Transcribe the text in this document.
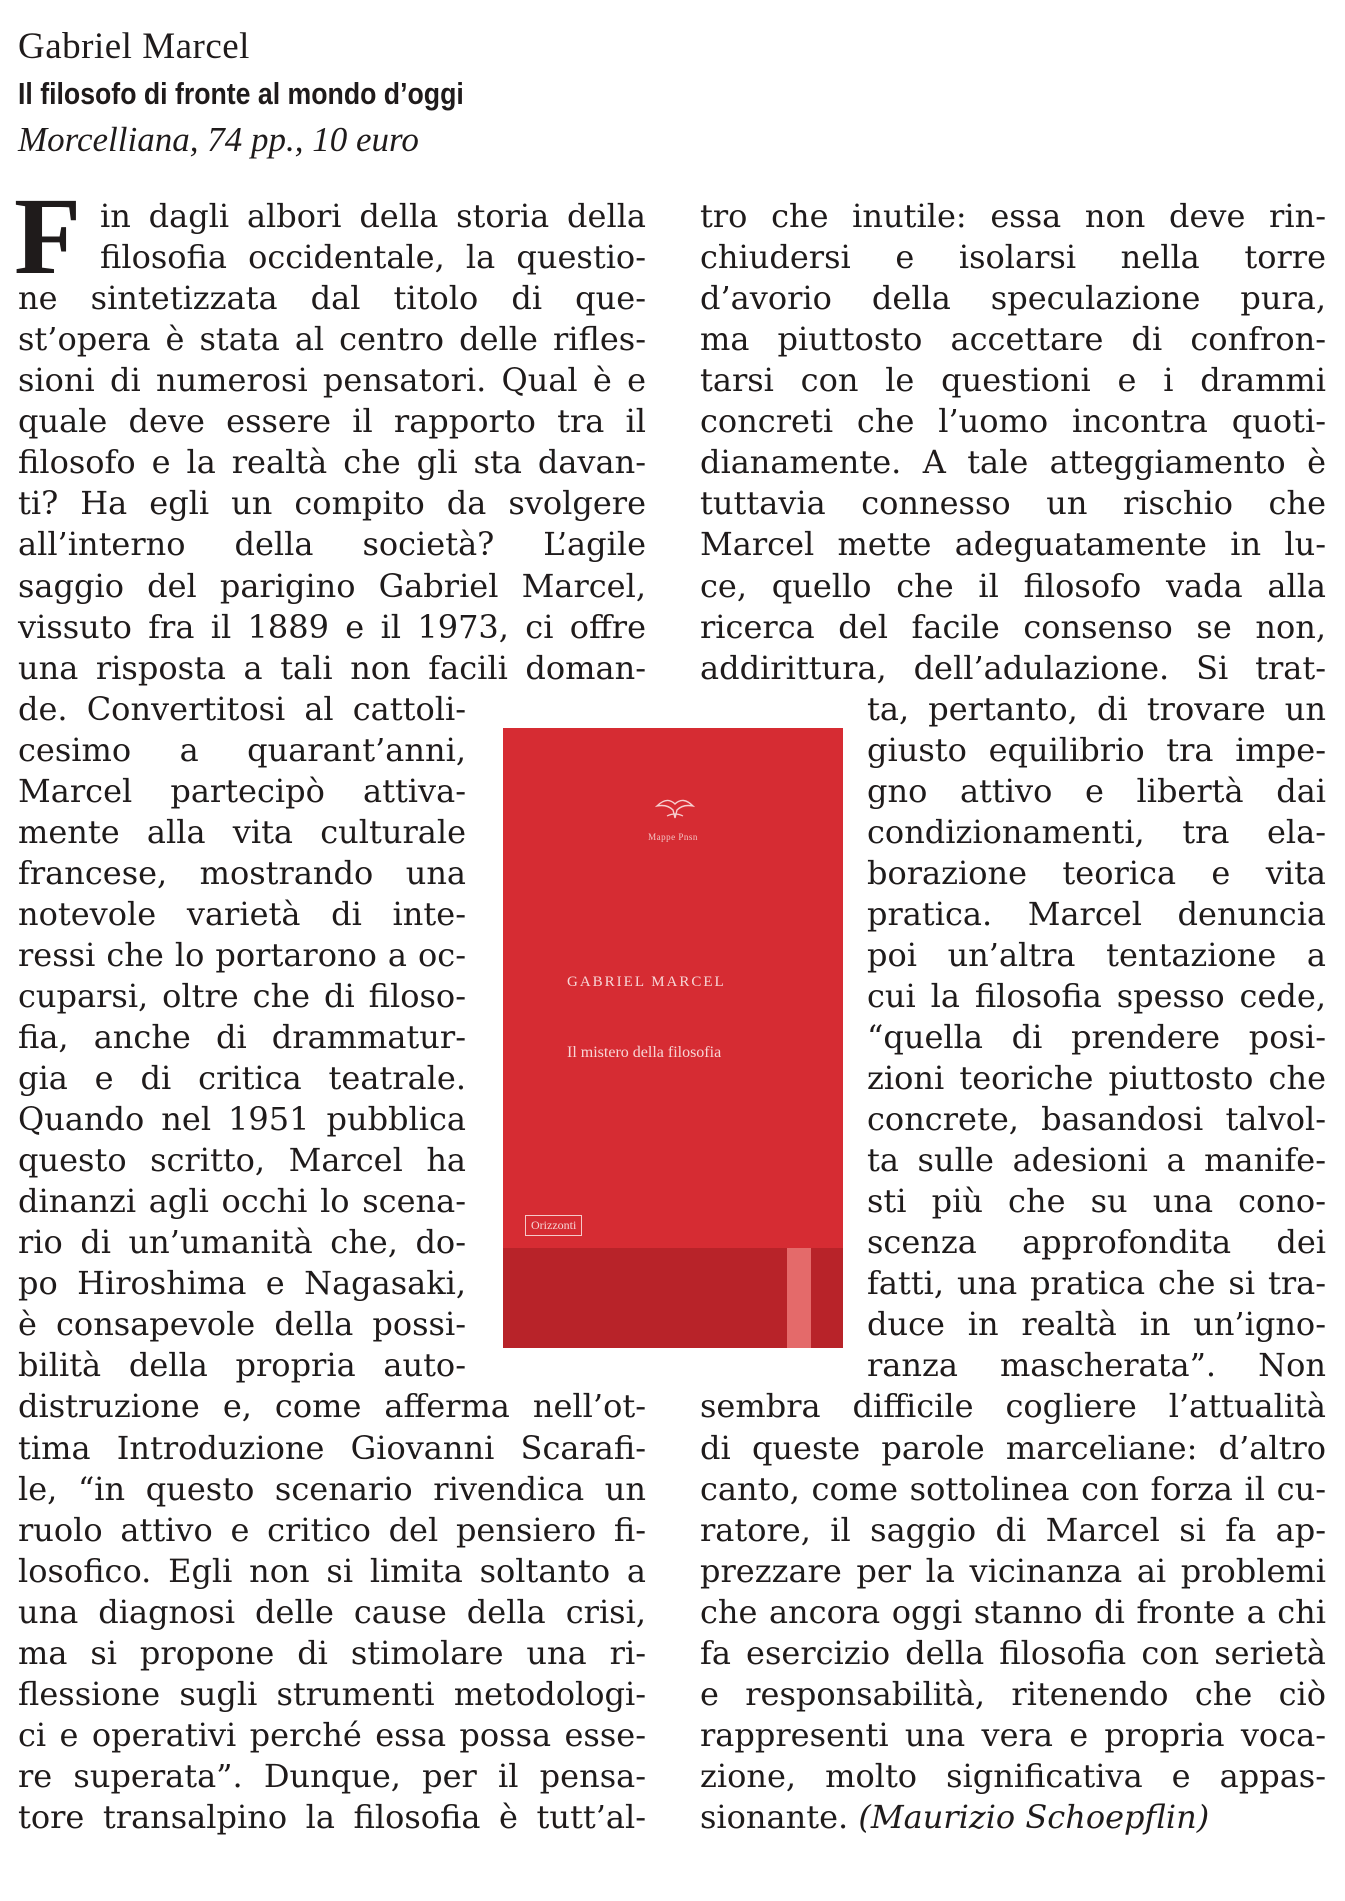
Gabriel Marcel
Il filosofo di fronte al mondo d’oggi
Morcelliana, 74 pp., 10 euro
F in dagli albori della storia della
filosofia occidentale, la questio-
ne sintetizzata dal titolo di que-
st’opera è stata al centro delle rifles-
sioni di numerosi pensatori. Qual è e
quale deve essere il rapporto tra il
filosofo e la realtà che gli sta davan-
ti? Ha egli un compito da svolgere
all’interno della società? L’agile
saggio del parigino Gabriel Marcel,
vissuto fra il 1889 e il 1973, ci offre
una risposta a tali non facili doman-
de. Convertitosi al cattoli-
cesimo a quarant’anni,
Marcel partecipò attiva-
mente alla vita culturale
francese, mostrando una
notevole varietà di inte-
ressi che lo portarono a oc-
cuparsi, oltre che di filoso-
fia, anche di drammatur-
gia e di critica teatrale.
Quando nel 1951 pubblica
questo scritto, Marcel ha
dinanzi agli occhi lo scena-
rio di un’umanità che, do-
po Hiroshima e Nagasaki,
è consapevole della possi-
bilità della propria auto-
distruzione e, come afferma nell’ot-
tima Introduzione Giovanni Scarafi-
le, “in questo scenario rivendica un
ruolo attivo e critico del pensiero fi-
losofico. Egli non si limita soltanto a
una diagnosi delle cause della crisi,
ma si propone di stimolare una ri-
flessione sugli strumenti metodologi-
ci e operativi perché essa possa esse-
re superata”. Dunque, per il pensa-
tore transalpino la filosofia è tutt’al-
tro che inutile: essa non deve rin-
chiudersi e isolarsi nella torre
d’avorio della speculazione pura,
ma piuttosto accettare di confron-
tarsi con le questioni e i drammi
concreti che l’uomo incontra quoti-
dianamente. A tale atteggiamento è
tuttavia connesso un rischio che
Marcel mette adeguatamente in lu-
ce, quello che il filosofo vada alla
ricerca del facile consenso se non,
addirittura, dell’adulazione. Si trat-
ta, pertanto, di trovare un
giusto equilibrio tra impe-
gno attivo e libertà dai
condizionamenti, tra ela-
borazione teorica e vita
pratica. Marcel denuncia
poi un’altra tentazione a
cui la filosofia spesso cede,
“quella di prendere posi-
zioni teoriche piuttosto che
concrete, basandosi talvol-
ta sulle adesioni a manife-
sti più che su una cono-
scenza approfondita dei
fatti, una pratica che si tra-
duce in realtà in un’igno-
ranza mascherata”. Non
sembra difficile cogliere l’attualità
di queste parole marceliane: d’altro
canto, come sottolinea con forza il cu-
ratore, il saggio di Marcel si fa ap-
prezzare per la vicinanza ai problemi
che ancora oggi stanno di fronte a chi
fa esercizio della filosofia con serietà
e responsabilità, ritenendo che ciò
rappresenti una vera e propria voca-
zione, molto significativa e appas-
sionante. (Maurizio Schoepflin)
Mappe Pnsn
GABRIEL MARCEL
Il mistero della filosofia
Orizzonti
